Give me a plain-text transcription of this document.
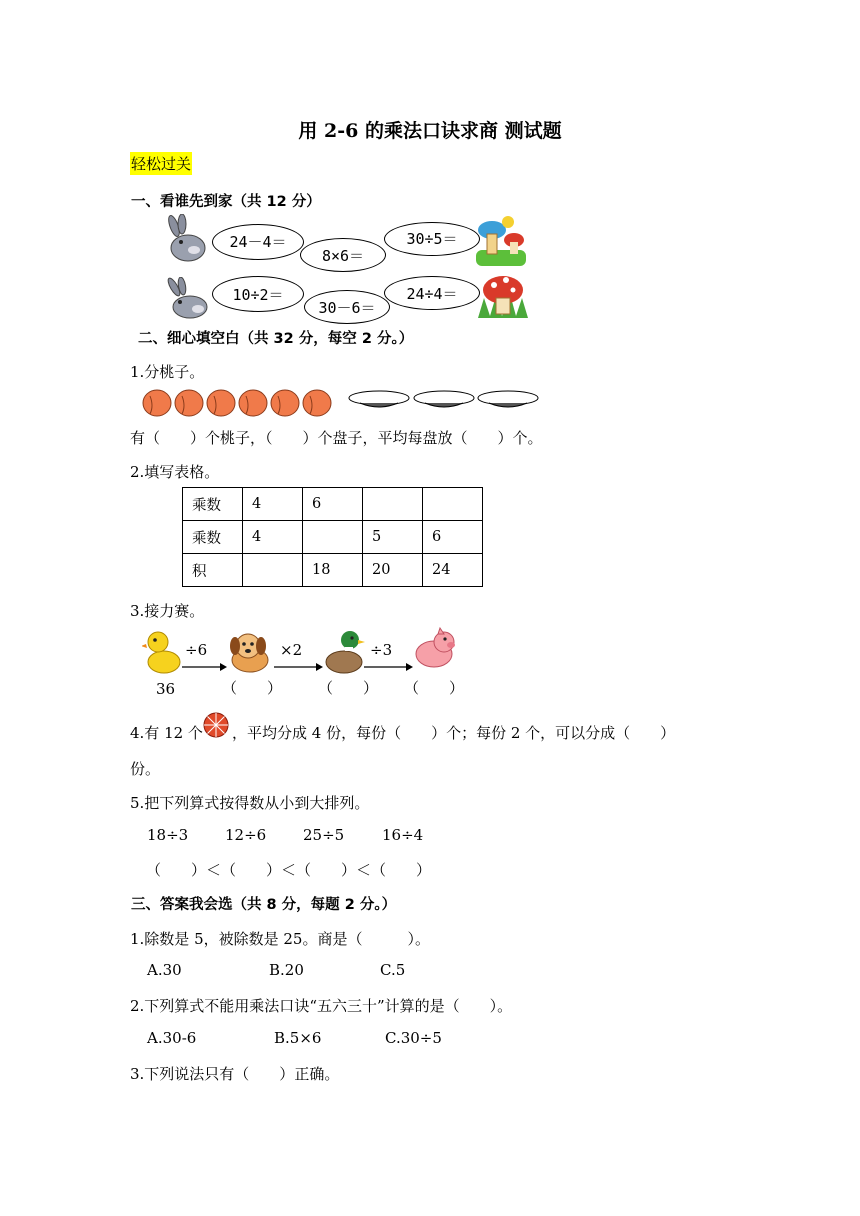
用 2-6 的乘法口诀求商 测试题
轻松过关
一、看谁先到家（共 12 分）
24－4＝
8×6＝
30÷5＝
10÷2＝
30－6＝
24÷4＝
二、细心填空白（共 32 分，每空 2 分。）
1.分桃子。
有（　　）个桃子，（　　）个盘子，平均每盘放（　　）个。
2.填写表格。
乘数	4	6		
乘数	4		5	6
积		18	20	24
3.接力赛。
÷6	×2	÷3
36	（　　） （　　） （　　）
4.有 12 个 ，平均分成 4 份，每份（　　）个；每份 2 个，可以分成（　　）
份。
5.把下列算式按得数从小到大排列。
18÷3 12÷6 25÷5	16÷4
（　　）＜（　　）＜（　　）＜（　　）
三、答案我会选（共 8 分，每题 2 分。）
1.除数是 5，被除数是 25。商是（　　　）。
A.30	B.20	C.5
2.下列算式不能用乘法口诀“五六三十”计算的是（　　）。
A.30-6	B.5×6	C.30÷5
3.下列说法只有（　　）正确。
